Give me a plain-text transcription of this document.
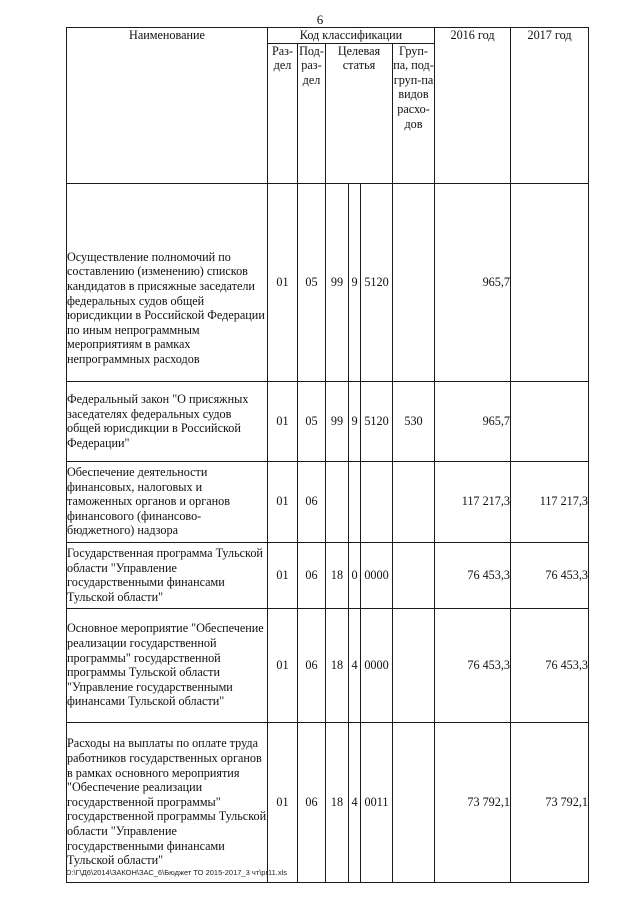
6
Наименование	Код классификации						2016 год	2017 год
	Раз-дел	Под-раз-дел	Целевая статья			Груп-па, под-груп-па видов расхо-дов		
Осуществление полномочий по составлению (изменению) списков кандидатов в присяжные заседатели федеральных судов общей юрисдикции в Российской Федерации по иным непрограммным мероприятиям в рамках непрограммных расходов	01	05	99	9	5120		965,7	
Федеральный закон "О присяжных заседателях федеральных судов общей юрисдикции в Российской Федерации"	01	05	99	9	5120	530	965,7	
Обеспечение деятельности финансовых, налоговых и таможенных органов и органов финансового (финансово-бюджетного) надзора	01	06					117 217,3	117 217,3
Государственная программа Тульской области "Управление государственными финансами Тульской области"	01	06	18	0	0000		76 453,3	76 453,3
Основное мероприятие "Обеспечение реализации государственной программы" государственной программы Тульской области "Управление государственными финансами Тульской области"	01	06	18	4	0000		76 453,3	76 453,3
Расходы на выплаты по оплате труда работников государственных органов в рамках основного мероприятия "Обеспечение реализации государственной программы" государственной программы Тульской области "Управление государственными финансами Тульской области"	01	06	18	4	0011		73 792,1	73 792,1
D:\Г\Д6\2014\ЗАКОН\ЗАС_6\Бюджет ТО 2015-2017_3 чт\pr11.xls
